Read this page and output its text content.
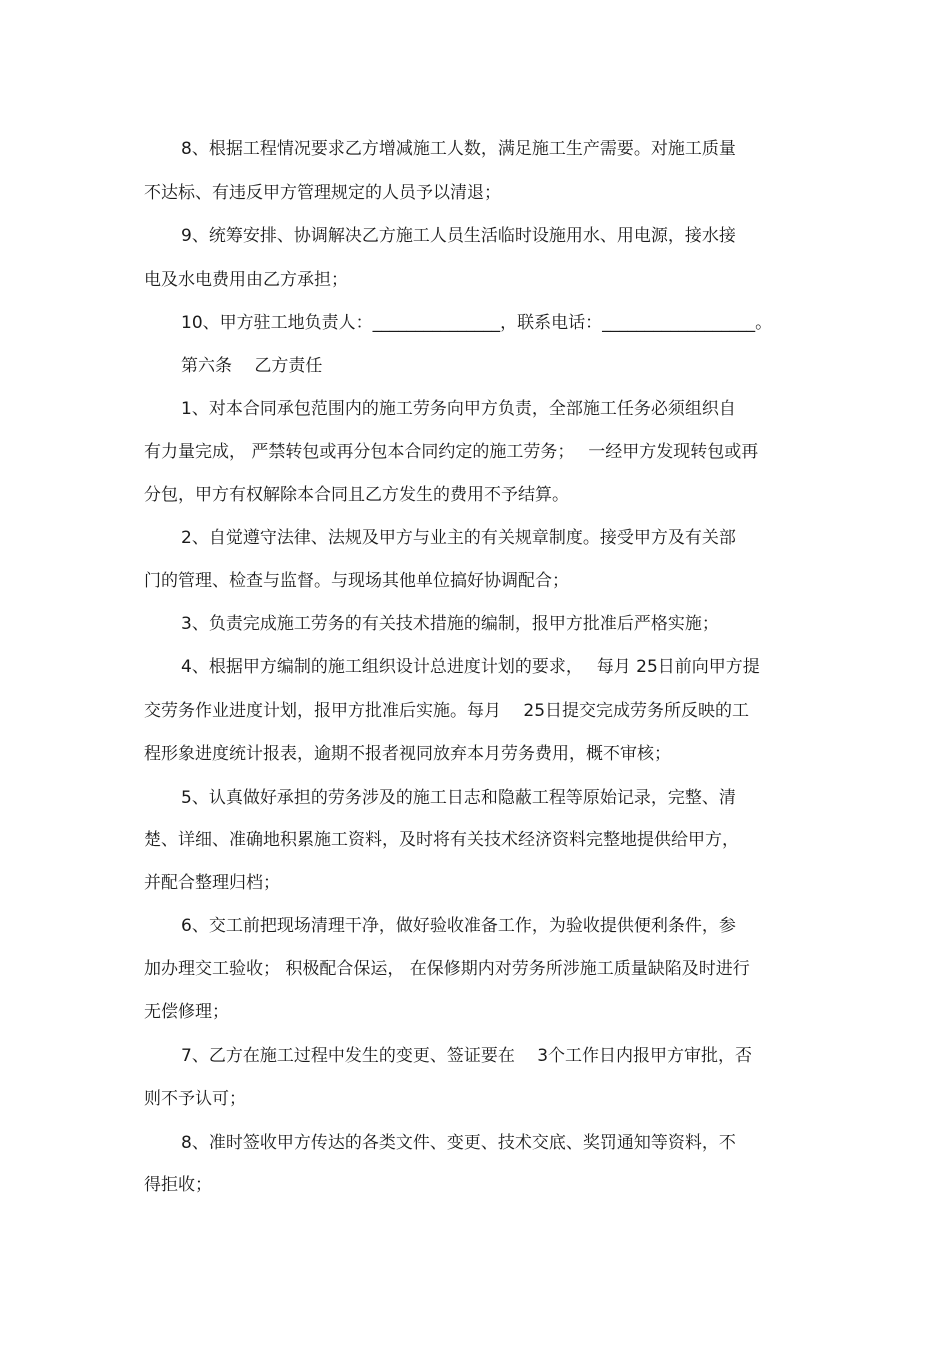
8、根据工程情况要求乙方增减施工人数，满足施工生产需要。对施工质量

不达标、有违反甲方管理规定的人员予以清退；

9、统筹安排、协调解决乙方施工人员生活临时设施用水、用电源，接水接

电及水电费用由乙方承担；

10、甲方驻工地负责人：_______________，联系电话：__________________。

第六条　 乙方责任

1、对本合同承包范围内的施工劳务向甲方负责，全部施工任务必须组织自

有力量完成， 严禁转包或再分包本合同约定的施工劳务；　 一经甲方发现转包或再

分包，甲方有权解除本合同且乙方发生的费用不予结算。

2、自觉遵守法律、法规及甲方与业主的有关规章制度。接受甲方及有关部

门的管理、检查与监督。与现场其他单位搞好协调配合；

3、负责完成施工劳务的有关技术措施的编制，报甲方批准后严格实施；

4、根据甲方编制的施工组织设计总进度计划的要求，　 每月 25日前向甲方提

交劳务作业进度计划，报甲方批准后实施。每月　 25日提交完成劳务所反映的工

程形象进度统计报表，逾期不报者视同放弃本月劳务费用，概不审核；

5、认真做好承担的劳务涉及的施工日志和隐蔽工程等原始记录，完整、清

楚、详细、准确地积累施工资料，及时将有关技术经济资料完整地提供给甲方，

并配合整理归档；

6、交工前把现场清理干净，做好验收准备工作，为验收提供便利条件，参

加办理交工验收； 积极配合保运， 在保修期内对劳务所涉施工质量缺陷及时进行

无偿修理；

7、乙方在施工过程中发生的变更、签证要在　 3个工作日内报甲方审批，否

则不予认可；

8、准时签收甲方传达的各类文件、变更、技术交底、奖罚通知等资料，不

得拒收；
